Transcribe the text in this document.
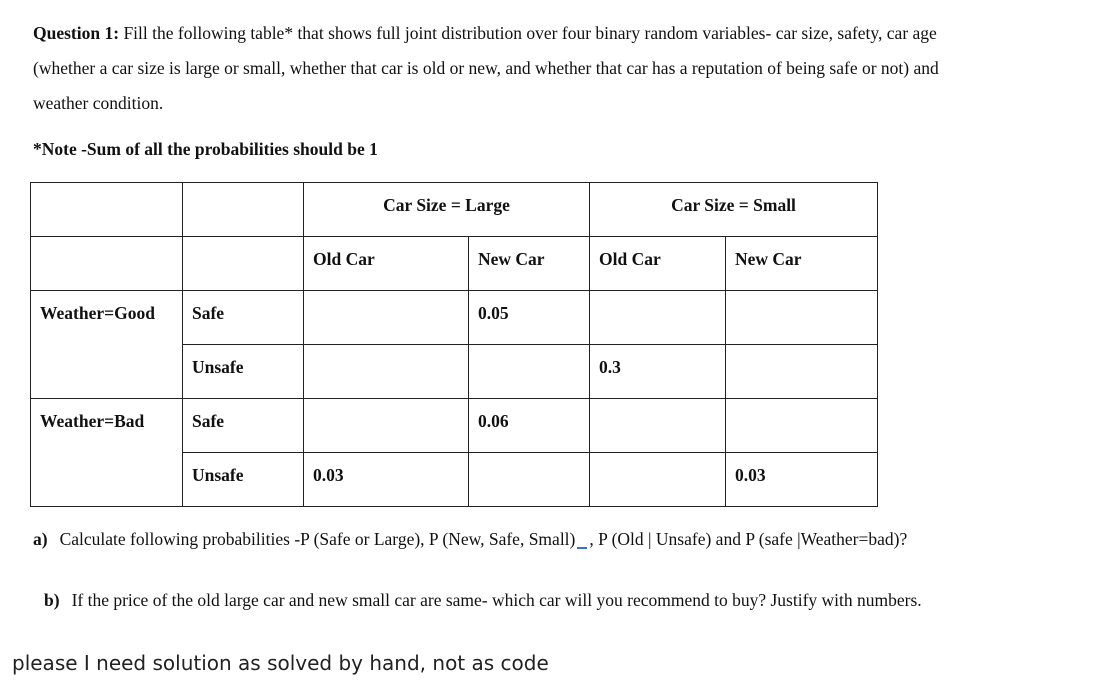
Question 1: Fill the following table* that shows full joint distribution over four binary random variables- car size, safety, car age
(whether a car size is large or small, whether that car is old or new, and whether that car has a reputation of being safe or not) and
weather condition.

*Note -Sum of all the probabilities should be 1
		Car Size = Large		Car Size = Small	
		Old Car	New Car	Old Car	New Car
Weather=Good	Safe		0.05		
	Unsafe			0.3	
Weather=Bad	Safe		0.06		
	Unsafe	0.03			0.03
a) Calculate following probabilities -P (Safe or Large), P (New, Safe, Small) , P (Old | Unsafe) and P (safe |Weather=bad)?
b) If the price of the old large car and new small car are same- which car will you recommend to buy? Justify with numbers.
please I need solution as solved by hand, not as code
